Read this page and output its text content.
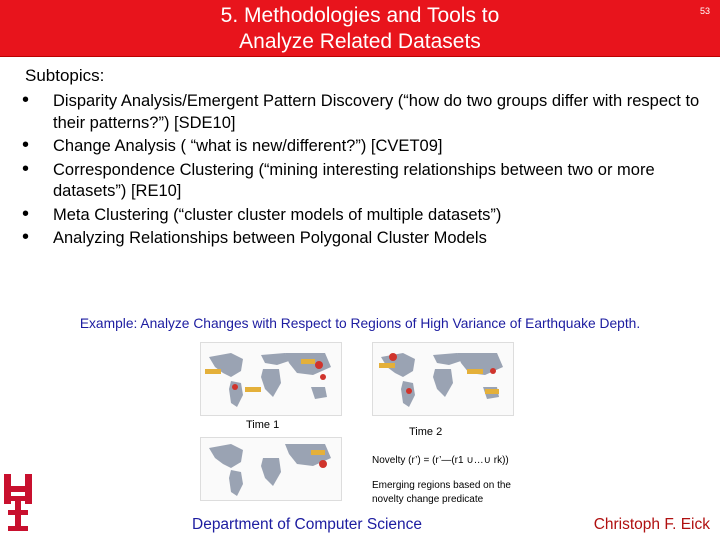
5. Methodologies and Tools to
Analyze Related Datasets
53
Subtopics:
• Disparity Analysis/Emergent Pattern Discovery (“how do two groups differ with respect to their patterns?”) [SDE10]
• Change Analysis ( “what is new/different?”) [CVET09]
• Correspondence Clustering (“mining interesting relationships between two or more datasets”) [RE10]
• Meta Clustering (“cluster cluster models of multiple datasets”)
• Analyzing Relationships between Polygonal Cluster Models
Example: Analyze Changes with Respect to Regions of High Variance of Earthquake Depth.
Time 1
Time 2
Novelty (r’) = (r’—(r1 ∪…∪ rk))
Emerging regions based on the
novelty change predicate
Department of Computer Science	Christoph F. Eick
